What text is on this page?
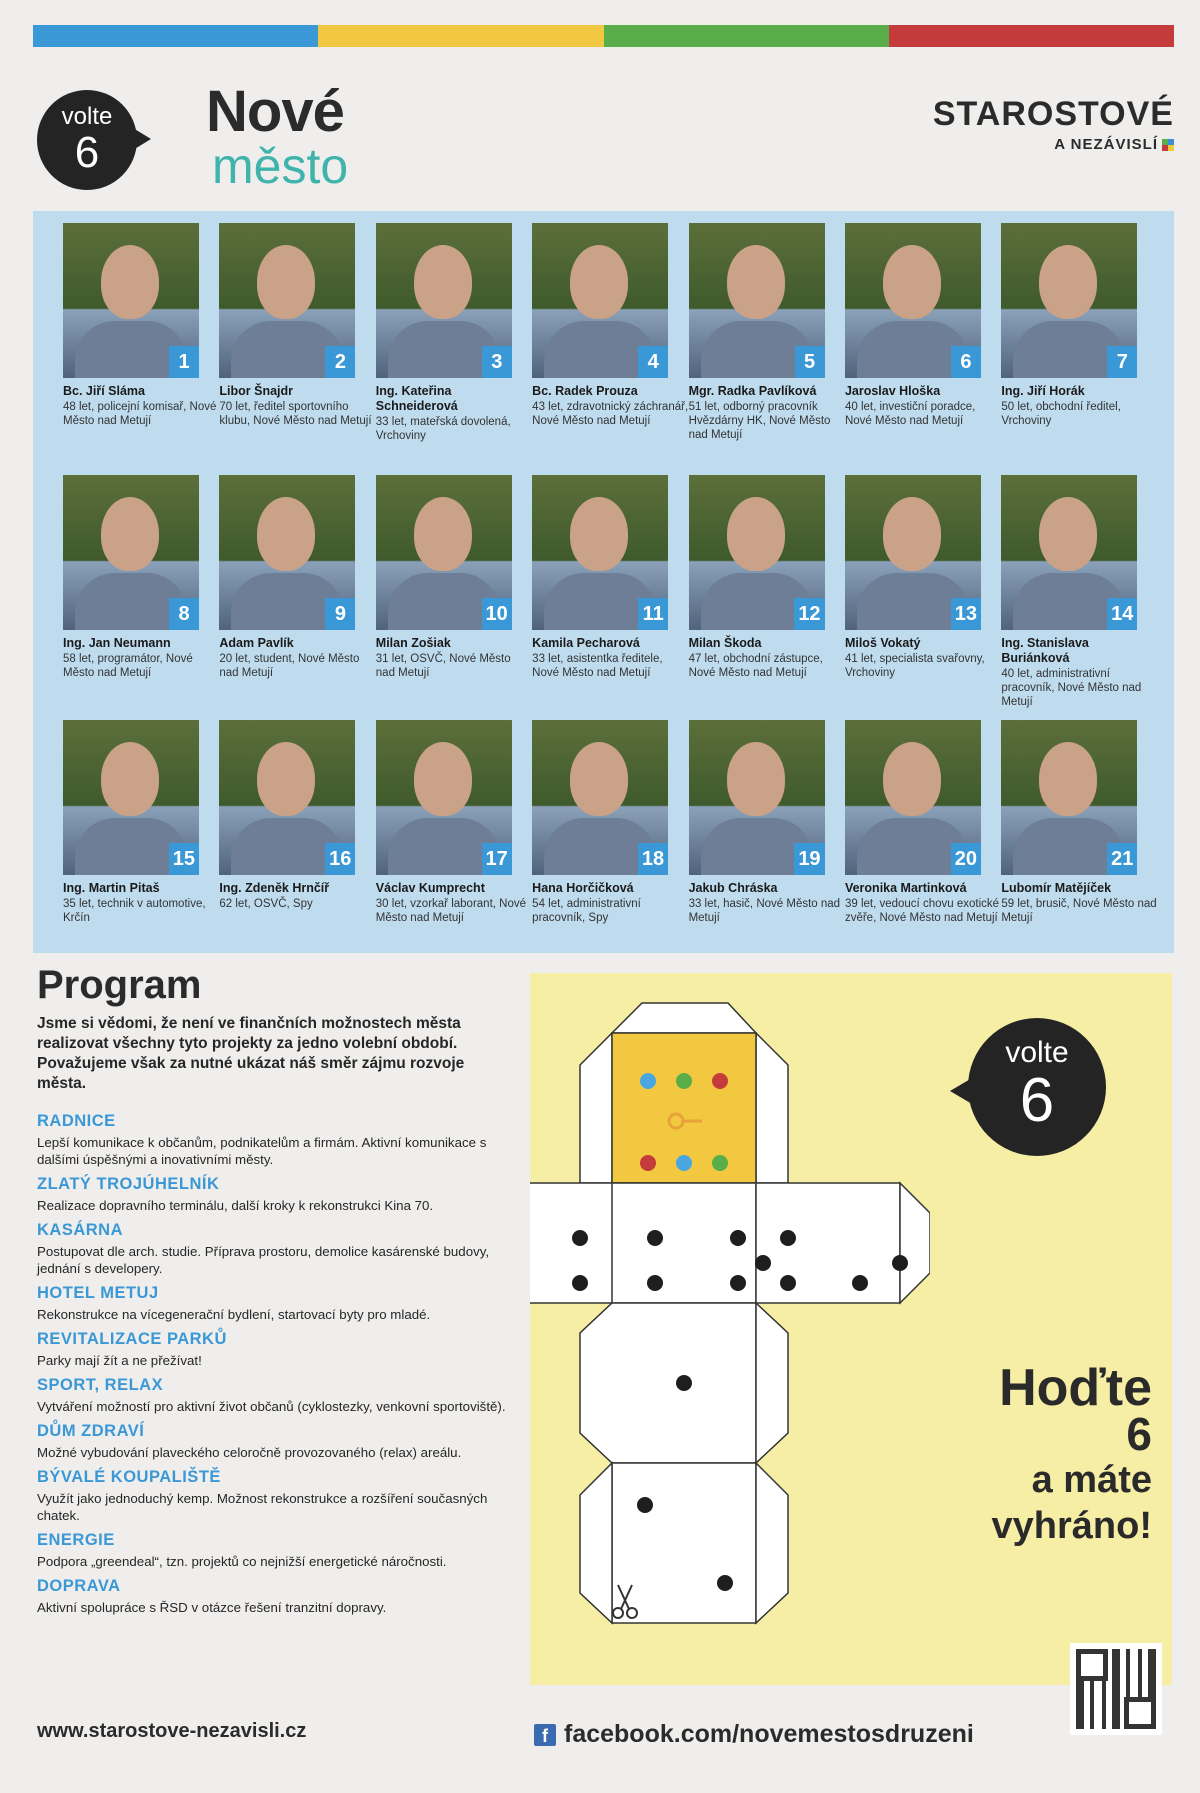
volte
6
Nové
město
STAROSTOVÉ
A NEZÁVISLÍ
1
Bc. Jiří Sláma
48 let, policejní komisař, Nové Město nad Metují
2
Libor Šnajdr
70 let, ředitel sportovního klubu, Nové Město nad Metují
3
Ing. Kateřina Schneiderová
33 let, mateřská dovolená, Vrchoviny
4
Bc. Radek Prouza
43 let, zdravotnický záchranář, Nové Město nad Metují
5
Mgr. Radka Pavlíková
51 let, odborný pracovník Hvězdárny HK, Nové Město nad Metují
6
Jaroslav Hloška
40 let, investiční poradce, Nové Město nad Metují
7
Ing. Jiří Horák
50 let, obchodní ředitel, Vrchoviny
8
Ing. Jan Neumann
58 let, programátor, Nové Město nad Metují
9
Adam Pavlík
20 let, student, Nové Město nad Metují
10
Milan Zošiak
31 let, OSVČ, Nové Město nad Metují
11
Kamila Pecharová
33 let, asistentka ředitele, Nové Město nad Metují
12
Milan Škoda
47 let, obchodní zástupce, Nové Město nad Metují
13
Miloš Vokatý
41 let, specialista svařovny, Vrchoviny
14
Ing. Stanislava Buriánková
40 let, administrativní pracovník, Nové Město nad Metují
15
Ing. Martin Pitaš
35 let, technik v automotive, Krčín
16
Ing. Zdeněk Hrnčíř
62 let, OSVČ, Spy
17
Václav Kumprecht
30 let, vzorkař laborant, Nové Město nad Metují
18
Hana Horčičková
54 let, administrativní pracovník, Spy
19
Jakub Chráska
33 let, hasič, Nové Město nad Metují
20
Veronika Martinková
39 let, vedoucí chovu exotické zvěře, Nové Město nad Metují
21
Lubomír Matějíček
59 let, brusič, Nové Město nad Metují
Program
Jsme si vědomi, že není ve finančních možnostech města realizovat všechny tyto projekty za jedno volební období. Považujeme však za nutné ukázat náš směr zájmu rozvoje města.
RADNICE
Lepší komunikace k občanům, podnikatelům a firmám. Aktivní komunikace s dalšími úspěšnými a inovativními městy.
ZLATÝ TROJÚHELNÍK
Realizace dopravního terminálu, další kroky k rekonstrukci Kina 70.
KASÁRNA
Postupovat dle arch. studie. Příprava prostoru, demolice kasárenské budovy, jednání s developery.
HOTEL METUJ
Rekonstrukce na vícegenerační bydlení, startovací byty pro mladé.
REVITALIZACE PARKŮ
Parky mají žít a ne přežívat!
SPORT, RELAX
Vytváření možností pro aktivní život občanů (cyklostezky, venkovní sportoviště).
DŮM ZDRAVÍ
Možné vybudování plaveckého celoročně provozovaného (relax) areálu.
BÝVALÉ KOUPALIŠTĚ
Využít jako jednoduchý kemp. Možnost rekonstrukce a rozšíření současných chatek.
ENERGIE
Podpora „greendeal“, tzn. projektů co nejnižší energetické náročnosti.
DOPRAVA
Aktivní spolupráce s ŘSD v otázce řešení tranzitní dopravy.
www.starostove-nezavisli.cz
volte
6
Hoďte
6
a máte
vyhráno!
f facebook.com/novemestosdruzeni
